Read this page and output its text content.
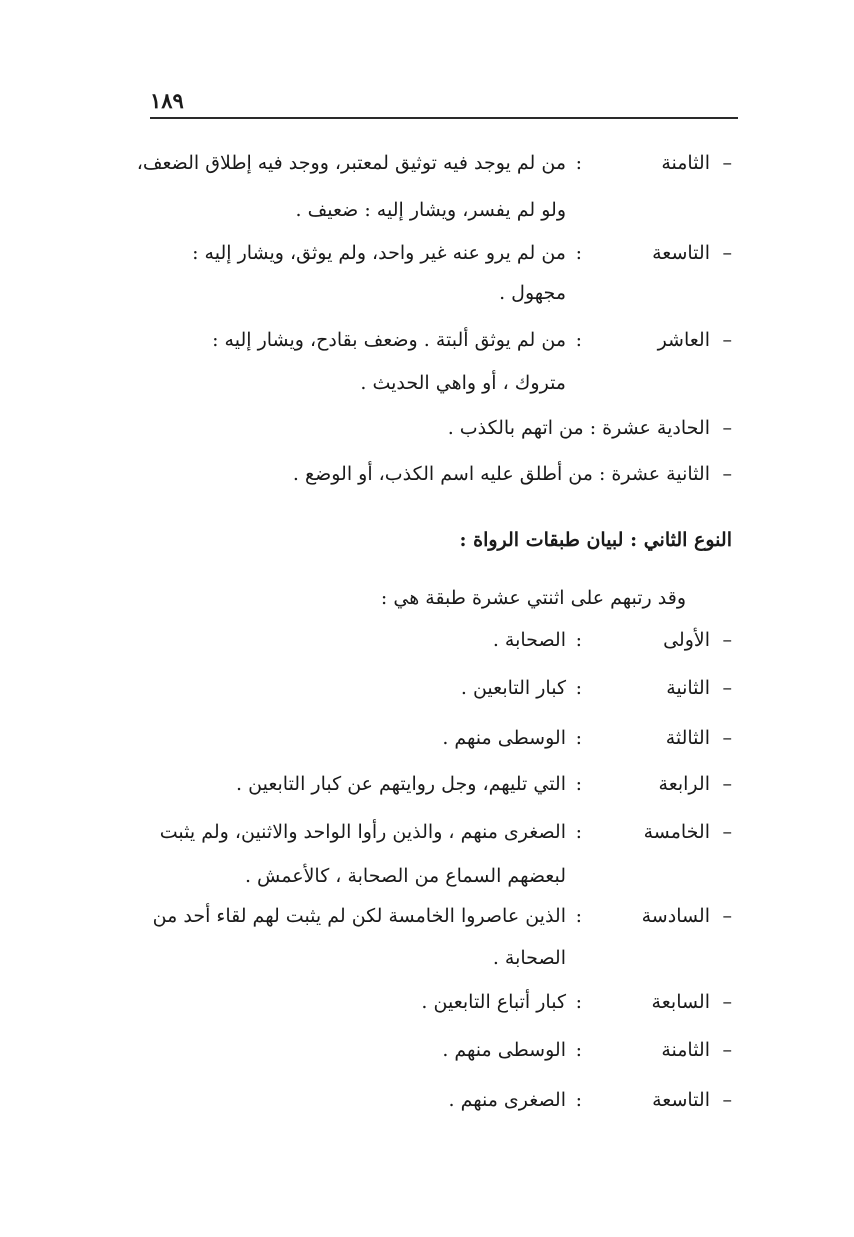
١٨٩
–
الثامنة
:
من لم يوجد فيه توثيق لمعتبر، ووجد فيه إطلاق الضعف،
ولو لم يفسر، ويشار إليه : ضعيف .
–
التاسعة
:
من لم يرو عنه غير واحد، ولم يوثق، ويشار إليه :
مجهول .
–
العاشر
:
من لم يوثق ألبتة . وضعف بقادح، ويشار إليه :
متروك ، أو واهي الحديث .
–
الحادية عشرة : من اتهم بالكذب .
–
الثانية عشرة : من أطلق عليه اسم الكذب، أو الوضع .
النوع الثاني : لبيان طبقات الرواة :
وقد رتبهم على اثنتي عشرة طبقة هي :
–
الأولى
:
الصحابة .
–
الثانية
:
كبار التابعين .
–
الثالثة
:
الوسطى منهم .
–
الرابعة
:
التي تليهم، وجل روايتهم عن كبار التابعين .
–
الخامسة
:
الصغرى منهم ، والذين رأوا الواحد والاثنين، ولم يثبت
لبعضهم السماع من الصحابة ، كالأعمش .
–
السادسة
:
الذين عاصروا الخامسة لكن لم يثبت لهم لقاء أحد من
الصحابة .
–
السابعة
:
كبار أتباع التابعين .
–
الثامنة
:
الوسطى منهم .
–
التاسعة
:
الصغرى منهم .
